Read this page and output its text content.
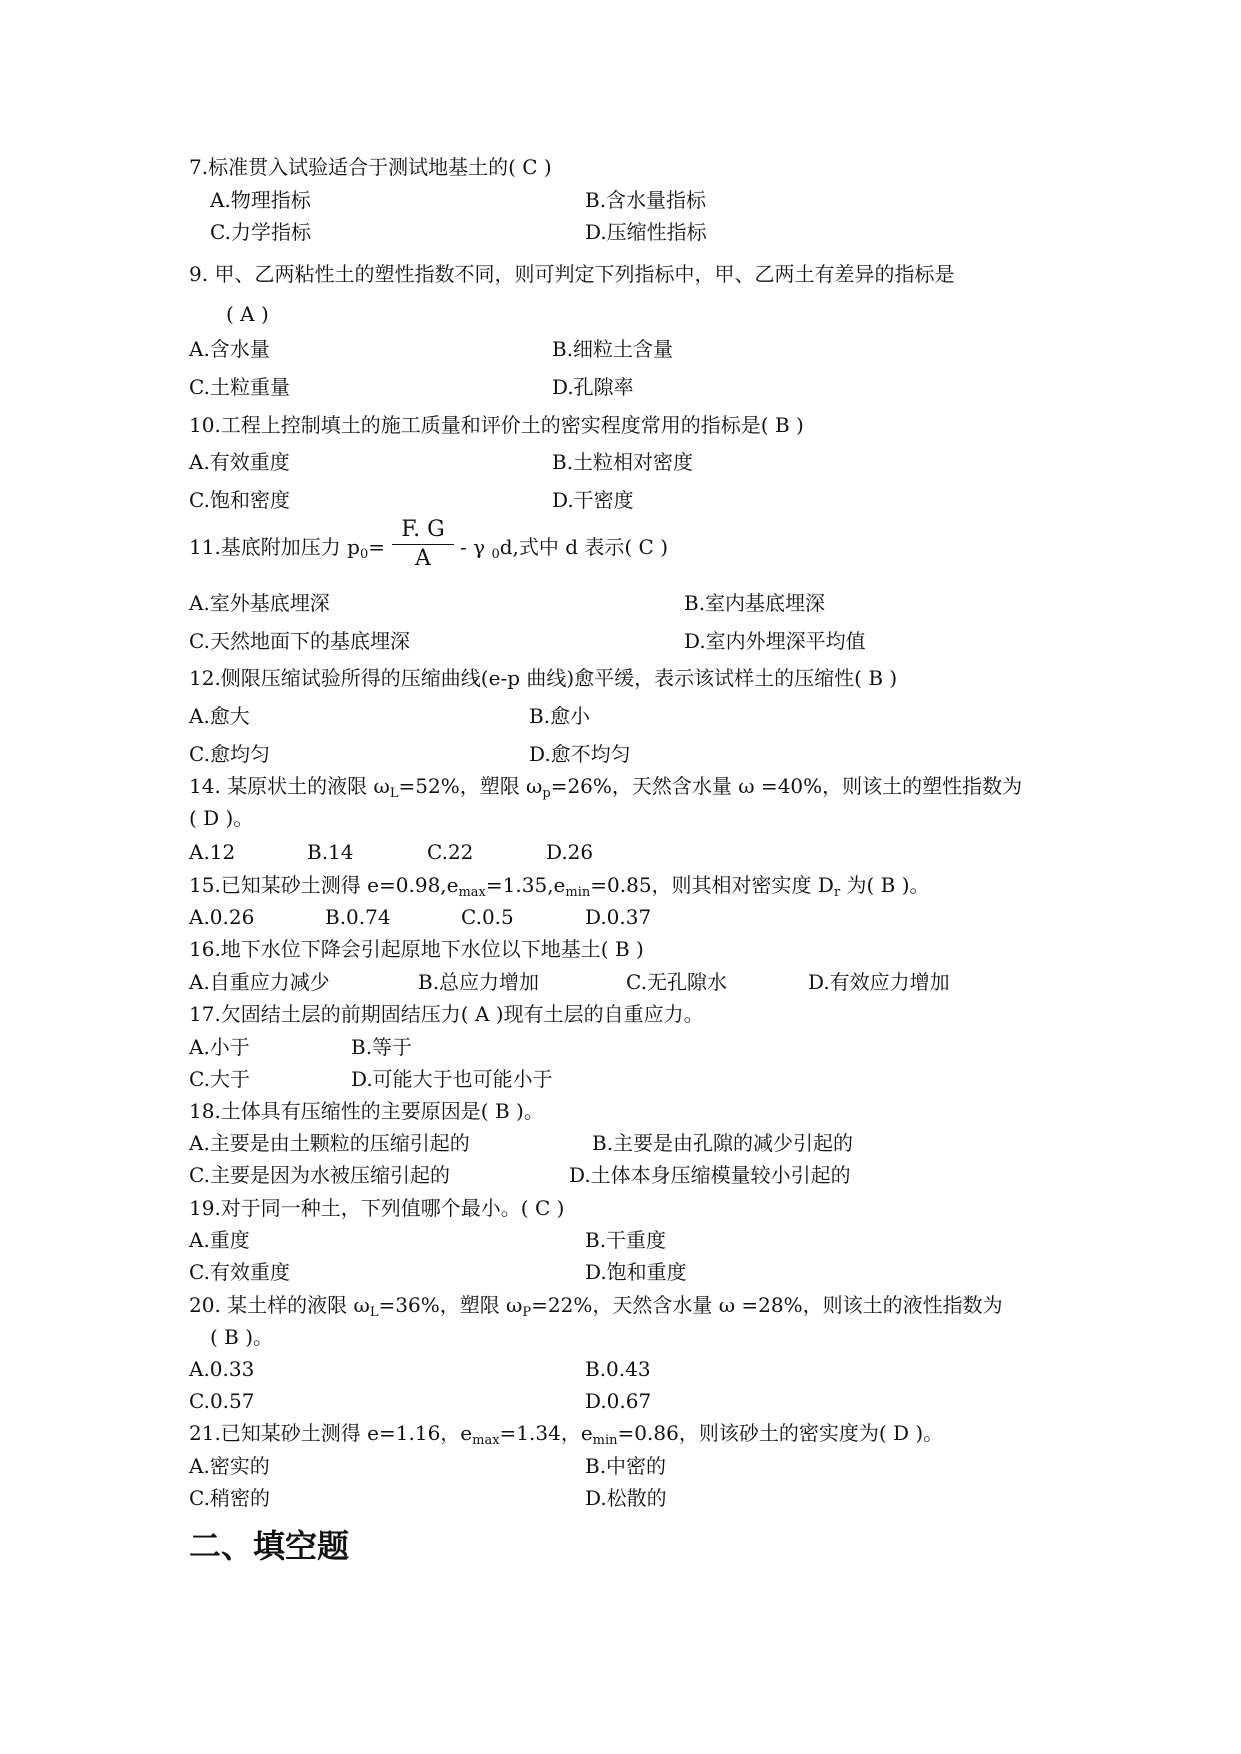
7.标准贯入试验适合于测试地基土的( C )
A.物理指标	B.含水量指标
C.力学指标	D.压缩性指标
9. 甲、乙两粘性土的塑性指数不同，则可判定下列指标中，甲、乙两土有差异的指标是
( A )
A.含水量	B.细粒土含量
C.土粒重量	D.孔隙率
10.工程上控制填土的施工质量和评价土的密实程度常用的指标是( B )
A.有效重度	B.土粒相对密度
C.饱和密度	D.干密度
11.基底附加压力 $p_0=$
F. G
A	- γ $_0$d,式中 d 表示( C )
A.室外基底埋深	B.室内基底埋深
C.天然地面下的基底埋深	D.室内外埋深平均值
12.侧限压缩试验所得的压缩曲线(e-p 曲线)愈平缓，表示该试样土的压缩性( B )
A.愈大	B.愈小
C.愈均匀	D.愈不均匀
14. 某原状土的液限 $\omega_L=52\%$，塑限 $\omega_p=26\%$，天然含水量 ω =40%，则该土的塑性指数为
( D )。
A.12	B.14	C.22	D.26
15.已知某砂土测得 $e=0.98,e_{max}=1.35,e_{min}=0.85$，则其相对密实度 $D_r$ 为( B )。
A.0.26	B.0.74	C.0.5	D.0.37
16.地下水位下降会引起原地下水位以下地基土( B )
A.自重应力减少	B.总应力增加	C.无孔隙水	D.有效应力增加
17.欠固结土层的前期固结压力( A )现有土层的自重应力。
A.小于	B.等于
C.大于	D.可能大于也可能小于
18.土体具有压缩性的主要原因是( B )。
A.主要是由土颗粒的压缩引起的	B.主要是由孔隙的减少引起的
C.主要是因为水被压缩引起的	D.土体本身压缩模量较小引起的
19.对于同一种土，下列值哪个最小。( C )
A.重度	B.干重度
C.有效重度	D.饱和重度
20. 某土样的液限 $\omega_L=36\%$，塑限 $\omega_P=22\%$，天然含水量 ω =28%，则该土的液性指数为
( B )。
A.0.33	B.0.43
C.0.57	D.0.67
21.已知某砂土测得 e=1.16，$e_{max}=1.34$，$e_{min}=0.86$，则该砂土的密实度为( D )。
A.密实的	B.中密的
C.稍密的	D.松散的
二、填空题
